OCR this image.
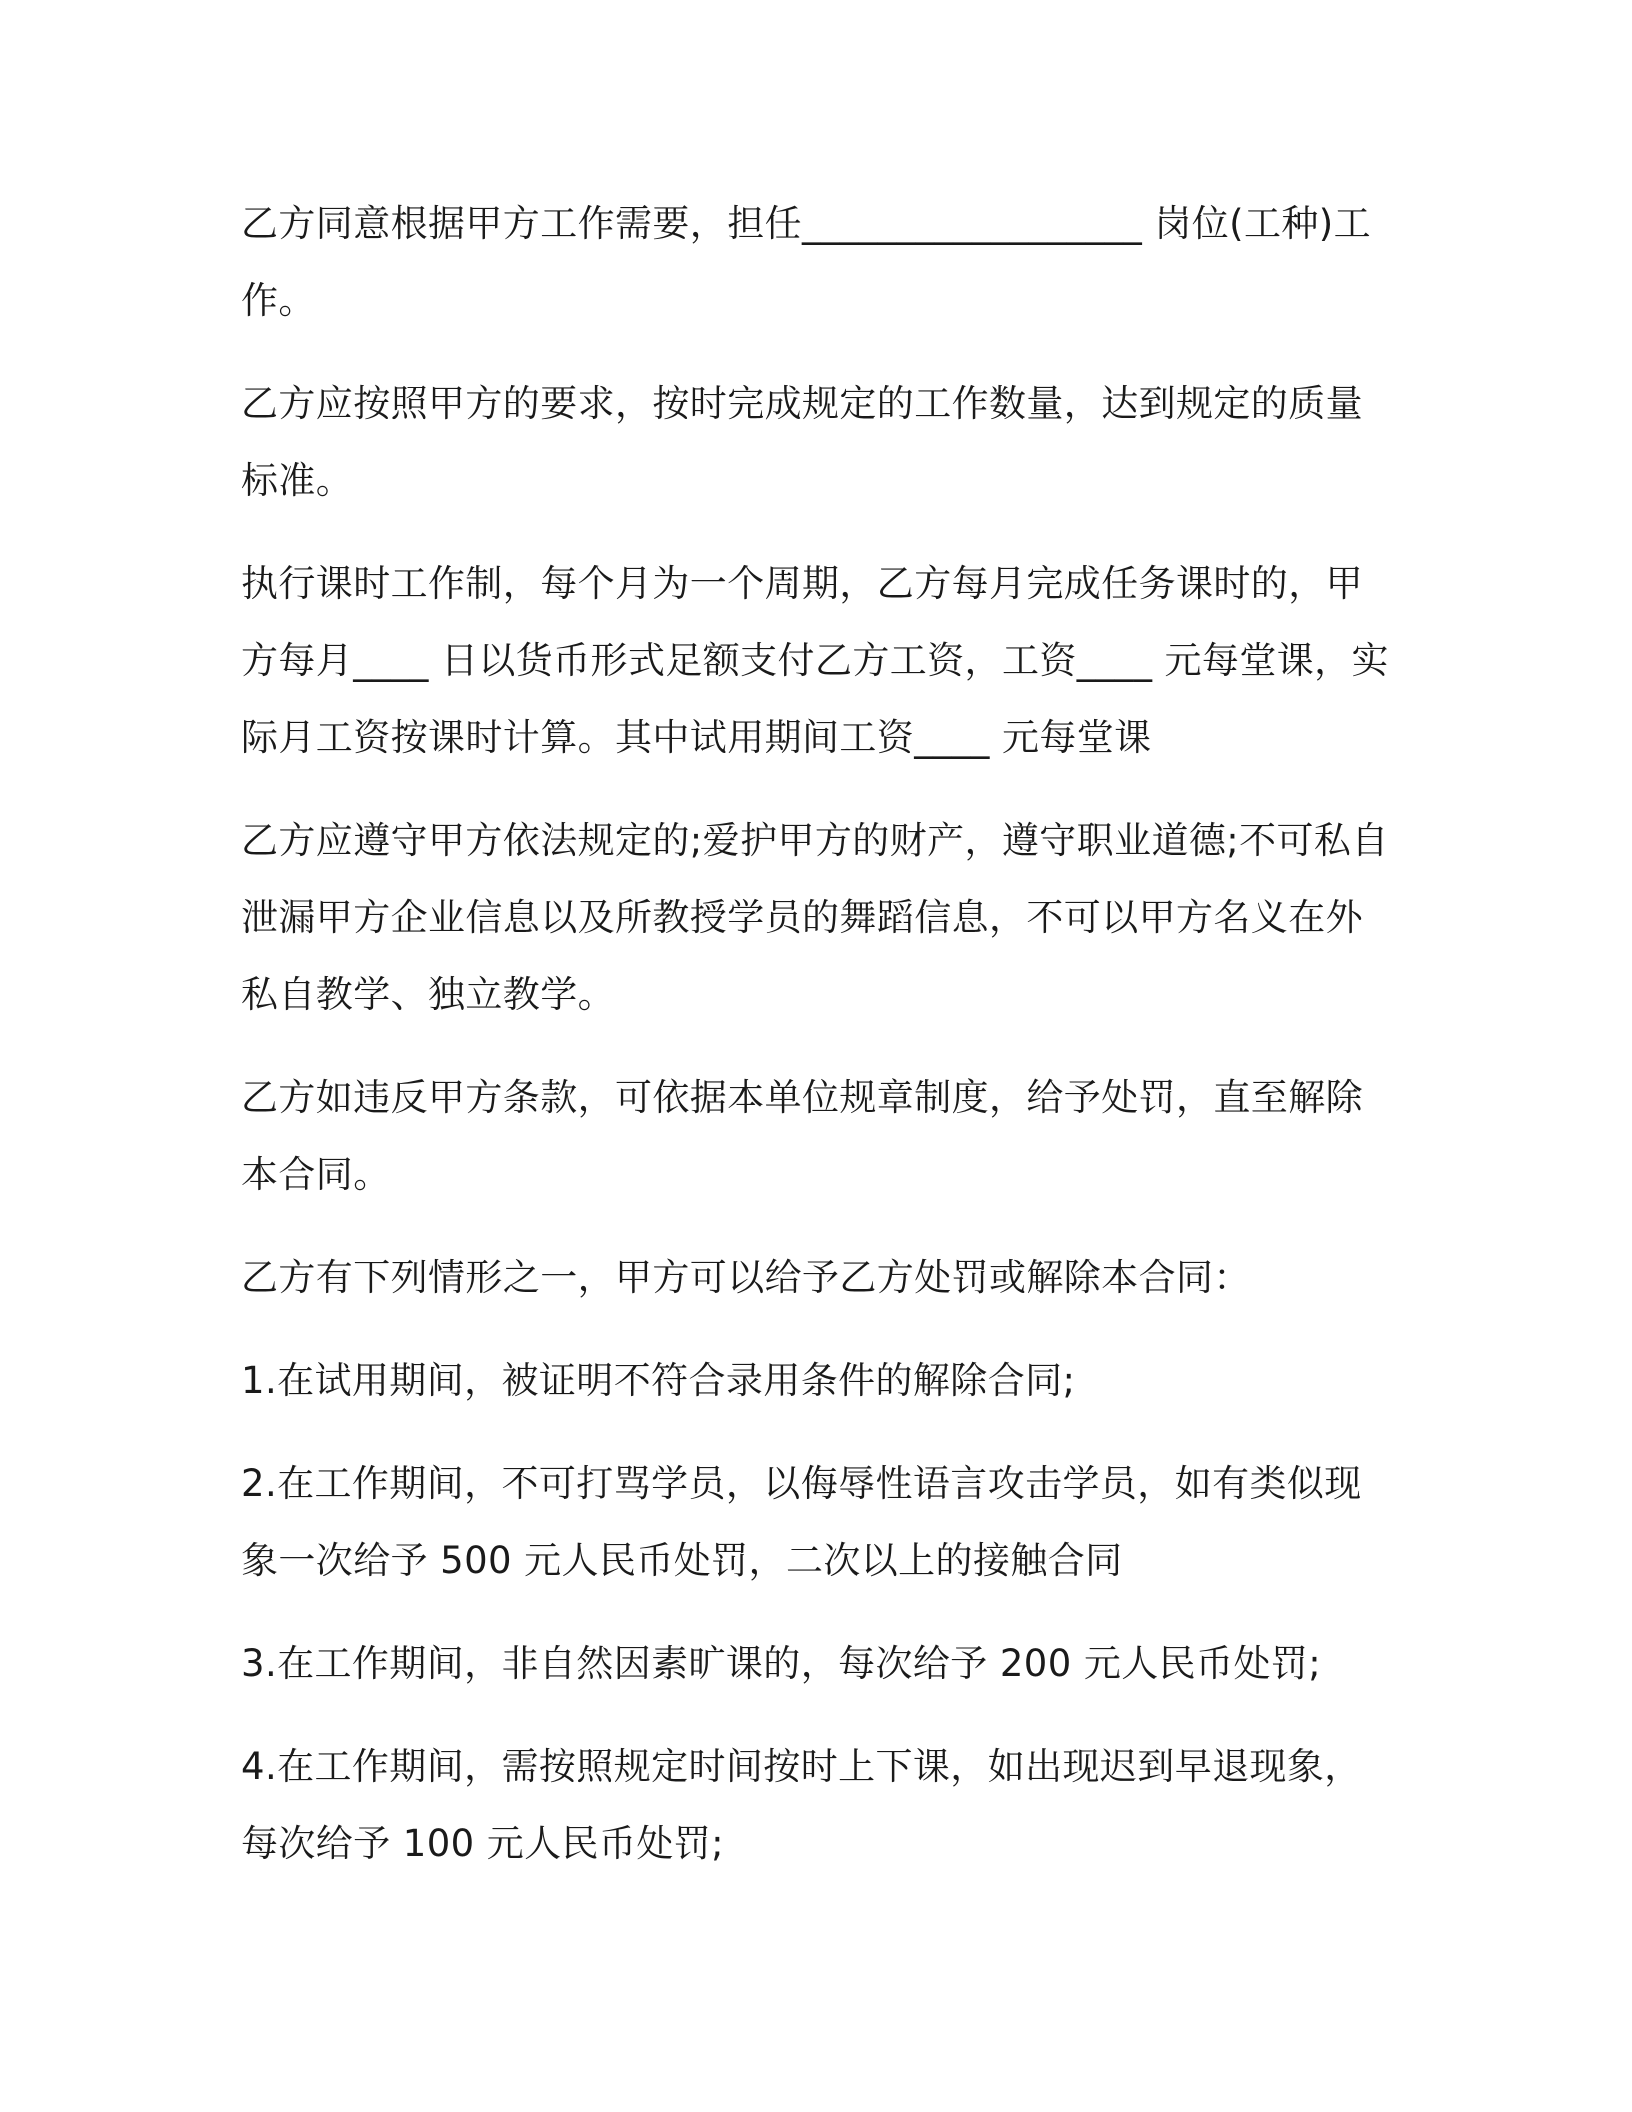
乙方同意根据甲方工作需要，担任__________________ 岗位(工种)工作。

乙方应按照甲方的要求，按时完成规定的工作数量，达到规定的质量标准。

执行课时工作制，每个月为一个周期，乙方每月完成任务课时的，甲方每月____ 日以货币形式足额支付乙方工资，工资____ 元每堂课，实际月工资按课时计算。其中试用期间工资____ 元每堂课

乙方应遵守甲方依法规定的;爱护甲方的财产，遵守职业道德;不可私自泄漏甲方企业信息以及所教授学员的舞蹈信息，不可以甲方名义在外私自教学、独立教学。

乙方如违反甲方条款，可依据本单位规章制度，给予处罚，直至解除本合同。

乙方有下列情形之一，甲方可以给予乙方处罚或解除本合同：

1.在试用期间，被证明不符合录用条件的解除合同;

2.在工作期间，不可打骂学员，以侮辱性语言攻击学员，如有类似现象一次给予 500 元人民币处罚，二次以上的接触合同

3.在工作期间，非自然因素旷课的，每次给予 200 元人民币处罚;

4.在工作期间，需按照规定时间按时上下课，如出现迟到早退现象，每次给予 100 元人民币处罚;
